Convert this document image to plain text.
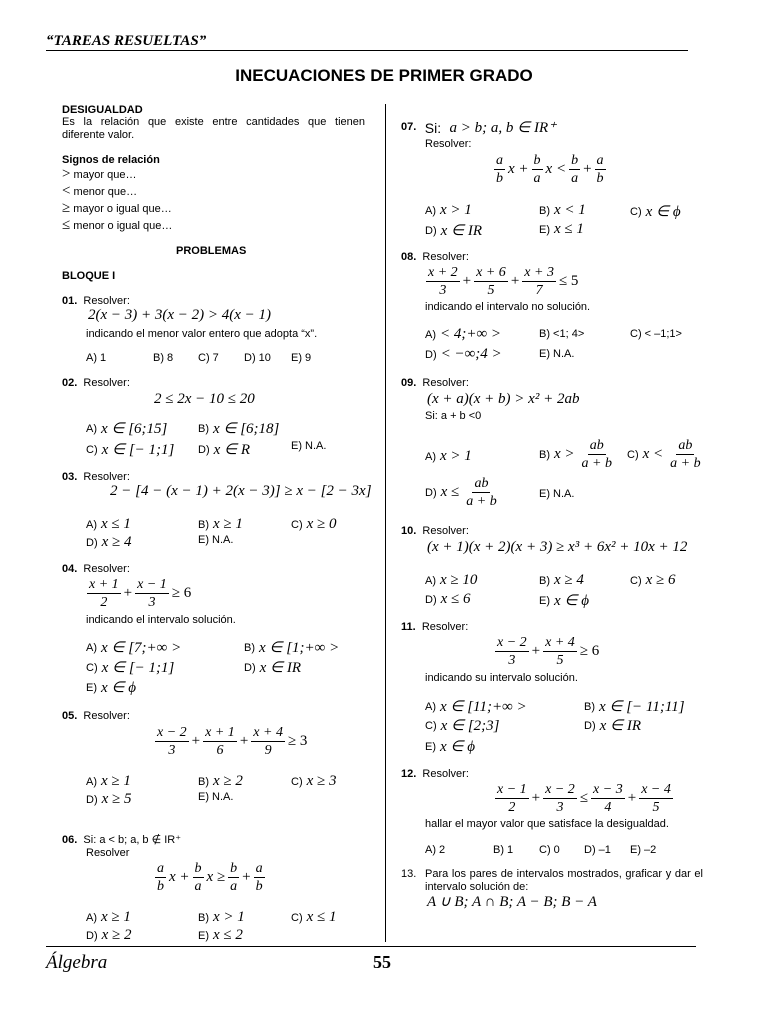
“TAREAS RESUELTAS”
INECUACIONES DE PRIMER GRADO
DESIGUALDAD
Es la relación que existe entre cantidades que tienen diferente valor.
Signos de relación
> mayor que…
< menor que…
≥ mayor o igual que…
≤ menor o igual que…
PROBLEMAS
BLOQUE I
01. Resolver:
2(x − 3) + 3(x − 2) > 4(x − 1)
indicando el menor valor entero que adopta “x”.
A) 1	B) 8 C) 7 D) 10 E) 9
02. Resolver:
2 ≤ 2x − 10 ≤ 20
A) x ∈ [6;15]	B) x ∈ [6;18]
C) x ∈ [− 1;1] D) x ∈ R	E) N.A.
03. Resolver:
2 − [4 − (x − 1) + 2(x − 3)] ≥ x − [2 − 3x]
A) x ≤ 1	B) x ≥ 1	C) x ≥ 0
D) x ≥ 4	E) N.A.
04. Resolver:
$\frac{x + 1}{2} + \frac{x - 1}{3} \ge 6$
indicando el intervalo solución.
A) x ∈ [7;+∞ >	B) x ∈ [1;+∞ >
C) x ∈ [− 1;1]	D) x ∈ IR
E) x ∈ ϕ
05. Resolver:
$\frac{x - 2}{3} + \frac{x + 1}{6} + \frac{x + 4}{9} \ge 3$
A) x ≥ 1	B) x ≥ 2	C) x ≥ 3
D) x ≥ 5	E) N.A.
06. Si: a < b; a, b ∉ IR⁺
Resolver
$\frac{a}{b}$ $x + \frac{b}{a}$ $x \ge \frac{b}{a} + \frac{a}{b}$
A) x ≥ 1	B) x > 1	C) x ≤ 1
D) x ≥ 2	E) x ≤ 2
07.
Si:
a > b; a, b ∈ IR⁺
Resolver:
$\frac{a}{b}$ $x + \frac{b}{a}$ $x < \frac{b}{a} + \frac{a}{b}$
A) x > 1	B) x < 1	C) x ∈ ϕ
D) x ∈ IR	E) x ≤ 1
08. Resolver:
$\frac{x + 2}{3} + \frac{x + 6}{5} + \frac{x + 3}{7} \le 5$
indicando el intervalo no solución.
A) < 4;+∞ >	B) <1; 4>	C) < –1;1>
D) < −∞;4 >	E) N.A.
09. Resolver:
(x + a)(x + b) > x² + 2ab
Si: a + b <0
A) x > 1	B) $x > \frac{ab}{a + b} C$) $x < \frac{ab}{a + b}$
D) $x \le \frac{ab}{a + b}$	E) N.A.
10. Resolver:
(x + 1)(x + 2)(x + 3) ≥ x³ + 6x² + 10x + 12
A) x ≥ 10	B) x ≥ 4	C) x ≥ 6
D) x ≤ 6	E) x ∈ ϕ
11. Resolver:
$\frac{x - 2}{3} + \frac{x + 4}{5} \ge 6$
indicando su intervalo solución.
A) x ∈ [11;+∞ >	B) x ∈ [− 11;11]
C) x ∈ [2;3]	D) x ∈ IR
E) x ∈ ϕ
12. Resolver:
$\frac{x - 1}{2} + \frac{x - 2}{3} \le \frac{x - 3}{4} + \frac{x - 4}{5}$
hallar el mayor valor que satisface la desigualdad.
A) 2	B) 1 C) 0 D) –1 E) –2
13. Para los pares de intervalos mostrados, graficar y dar el intervalo solución de:
A ∪ B; A ∩ B; A − B; B − A
Álgebra	55
